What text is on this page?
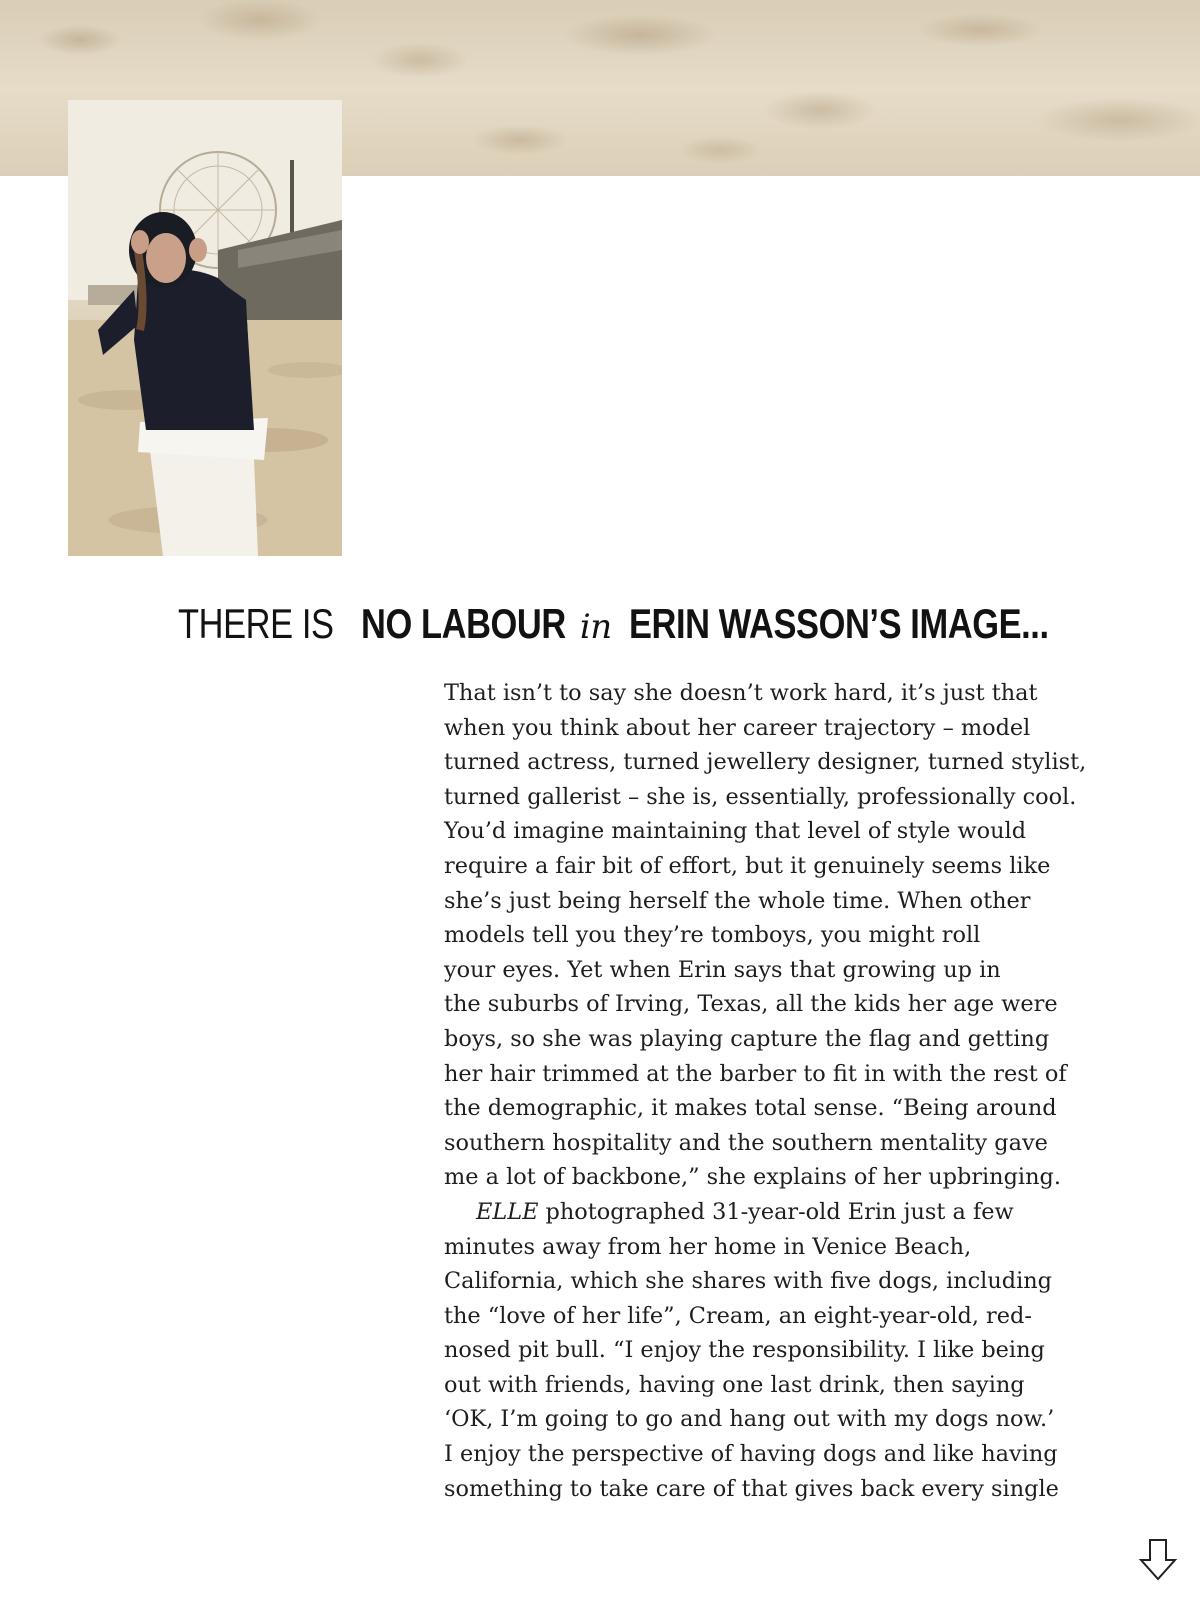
THERE IS NO LABOUR in ERIN WASSON’S IMAGE...

That isn’t to say she doesn’t work hard, it’s just that
when you think about her career trajectory – model
turned actress, turned jewellery designer, turned stylist,
turned gallerist – she is, essentially, professionally cool.
You’d imagine maintaining that level of style would
require a fair bit of effort, but it genuinely seems like
she’s just being herself the whole time. When other
models tell you they’re tomboys, you might roll
your eyes. Yet when Erin says that growing up in
the suburbs of Irving, Texas, all the kids her age were
boys, so she was playing capture the flag and getting
her hair trimmed at the barber to fit in with the rest of
the demographic, it makes total sense. “Being around
southern hospitality and the southern mentality gave
me a lot of backbone,” she explains of her upbringing.

ELLE photographed 31-year-old Erin just a few
minutes away from her home in Venice Beach,
California, which she shares with five dogs, including
the “love of her life”, Cream, an eight-year-old, red-
nosed pit bull. “I enjoy the responsibility. I like being
out with friends, having one last drink, then saying
‘OK, I’m going to go and hang out with my dogs now.’
I enjoy the perspective of having dogs and like having
something to take care of that gives back every single
